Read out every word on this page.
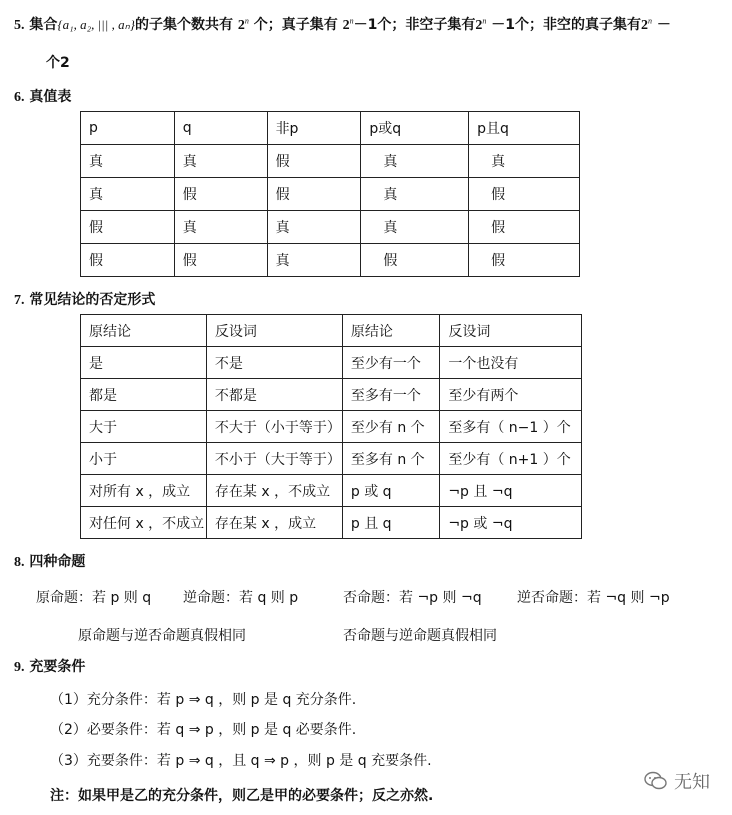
5. 集合{a₁, a₂, ||| , aₙ}的子集个数共有 2$^n$ 个；真子集有 $2^n-1$个；非空子集有$2^n -1$个；非空的真子集有$2^n$ －
个2
6. 真值表
p	q	非p	p或q	p且q
真	真	假	真	真
真	假	假	真	假
假	真	真	真	假
假	假	真	假	假
7. 常见结论的否定形式
原结论	反设词	原结论	反设词
是	不是	至少有一个	一个也没有
都是	不都是	至多有一个	至少有两个
大于	不大于（小于等于）	至少有 n 个	至多有（ n−1 ）个
小于	不小于（大于等于）	至多有 n 个	至少有（ n+1 ）个
对所有 x ，成立	存在某 x ，不成立	p 或 q	¬p 且 ¬q
对任何 x ，不成立	存在某 x ，成立	p 且 q	¬p 或 ¬q
8. 四种命题
原命题：若 p 则 q 逆命题：若 q 则 p	否命题：若 ¬p 则 ¬q	逆否命题：若 ¬q 则 ¬p
原命题与逆否命题真假相同	否命题与逆命题真假相同
9. 充要条件
（1）充分条件：若 p ⇒ q ，则 p 是 q 充分条件.
（2）必要条件：若 q ⇒ p ，则 p 是 q 必要条件.
（3）充要条件：若 p ⇒ q ，且 q ⇒ p ，则 p 是 q 充要条件.
注：如果甲是乙的充分条件，则乙是甲的必要条件；反之亦然.
无知
